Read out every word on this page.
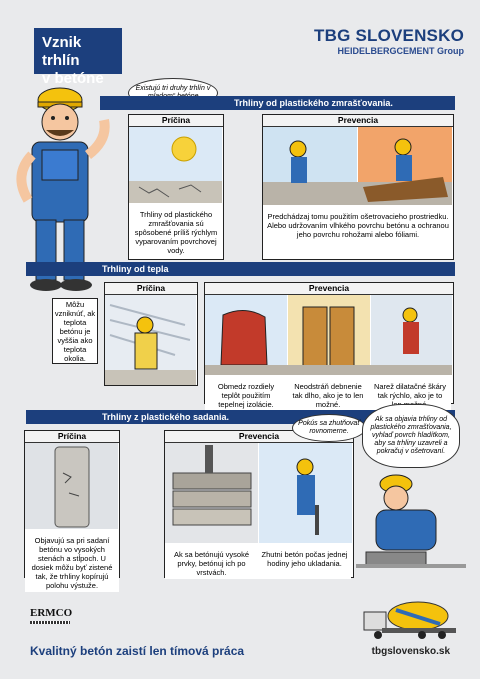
Vznik trhlín
v betóne
TBG SLOVENSKO
HEIDELBERGCEMENT Group
Existujú tri druhy trhlín v
Trhliny od plastického zmrašťovania.
Príčina
Trhliny od plastického zmrašťovania sú spôsobené príliš rýchlym vyparovaním povrchovej vody.
Prevencia
Predchádzaj tomu použitím ošetrovacieho prostriedku. Alebo udržovaním vlhkého povrchu betónu a ochranou jeho povrchu rohožami alebo fóliami.
Trhliny od tepla
Môžu vzniknúť, ak teplota betónu je vyššia ako teplota okolia.
Príčina	Prevencia
Obmedz rozdiely teplôt použitím tepelnej izolácie.
Neodstráň debnenie tak dlho, ako je to len možné.
Narež dilatačné škáry tak rýchlo, ako je to
Trhliny z plastického sadania.
Príčina
Objavujú sa pri sadaní betónu vo vysokých stenách a stĺpoch. U dosiek môžu byť zistené tak, že trhliny kopírujú polohu výstuže.
Prevencia
Ak sa betónujú vysoké prvky, betónuj ich po vrstvách.
Zhutni betón počas jednej hodiny jeho ukladania.
Pokús sa zhutňovať rovnomerne.
Ak sa objavia trhliny od plastického zmrašťovania, vyhlaď povrch hladítkom, aby sa trhliny uzavreli a pokračuj v ošetrovaní.
ERMCO
Kvalitný betón zaistí len tímová práca	tbgslovensko.sk
